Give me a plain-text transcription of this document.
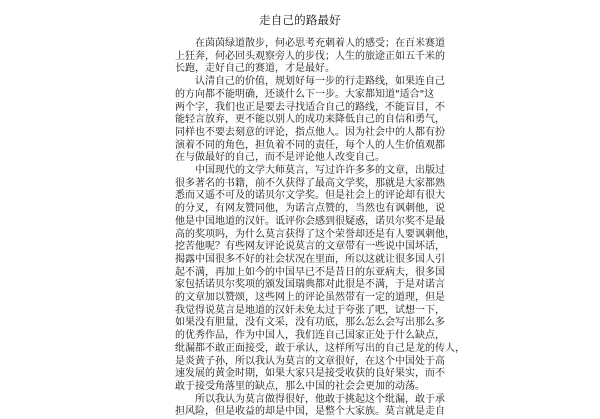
走自己的路最好

　　在茵茵绿道散步，何必思考充刺着人的感受；在百米赛道
上狂奔，何必回头观察旁人的步伐；人生的旅途正如五千米的
长跑，走好自己的赛道，才是最好。

　　认清自己的价值，规划好每一步的行走路线，如果连自己
的方向都不能明确，还谈什么下一步。大家都知道"适合"这
两个字，我们也正是要去寻找适合自己的路线，不能盲目，不
能轻言放弃，更不能以别人的成功来降低自己的自信和勇气，
同样也不要去刻意的评论，指点他人。因为社会中的人都有扮
演着不同的角色，担负着不同的责任，每个人的人生价值观都
在与做最好的自己，而不是评论他人改变自己。

　　中国现代的文学大师莫言，写过许许多多的文章，出版过
很多著名的书籍，前不久获得了最高文学奖，那就是大家都熟
悉而又遥不可及的诺贝尔文学奖。但是社会上的评论却有很大
的分叉，有网友赞同他，为诺言点赞的，当然也有讽刺他，说
他是中国地道的汉奸。诋评你会感到很疑惑，诺贝尔奖不是最
高的奖项吗，为什么莫言获得了这个荣誉却还是有人要讽刺他，
挖苦他呢？有些网友评论说莫言的文章带有一些说中国坏话，
揭露中国很多不好的社会状况在里面，所以这就让很多国人引
起不满，再加上如今的中国早已不是昔日的东亚病夫，很多国
家包括诺贝尔奖项的颁发国瑞典都对此很是不满，于是对诺言
的文章加以赞颂，这些网上的评论虽然带有一定的道理，但是
我觉得说莫言是地道的汉奸未免太过于夸张了吧，试想一下，
如果没有胆量，没有文采，没有功底，那么怎么会写出那么多
的优秀作品，作为中国人，我们连自己国家正处于什么缺点，
纰漏都不敢正面接受，敢于承认，这样所写出的自己是龙的传人，
是炎黄子孙，所以我认为莫言的文章很好，在这个中国处于高
速发展的黄金时期，如果大家只是接受收获的良好果实，而不
敢于接受角落里的缺点，那么中国的社会会更加的动荡。

　　所以我认为莫言做得很好，他敢于挑起这个纰漏，敢于承
担风险，但是收益的却是中国，是整个大家族。莫言就是走自
